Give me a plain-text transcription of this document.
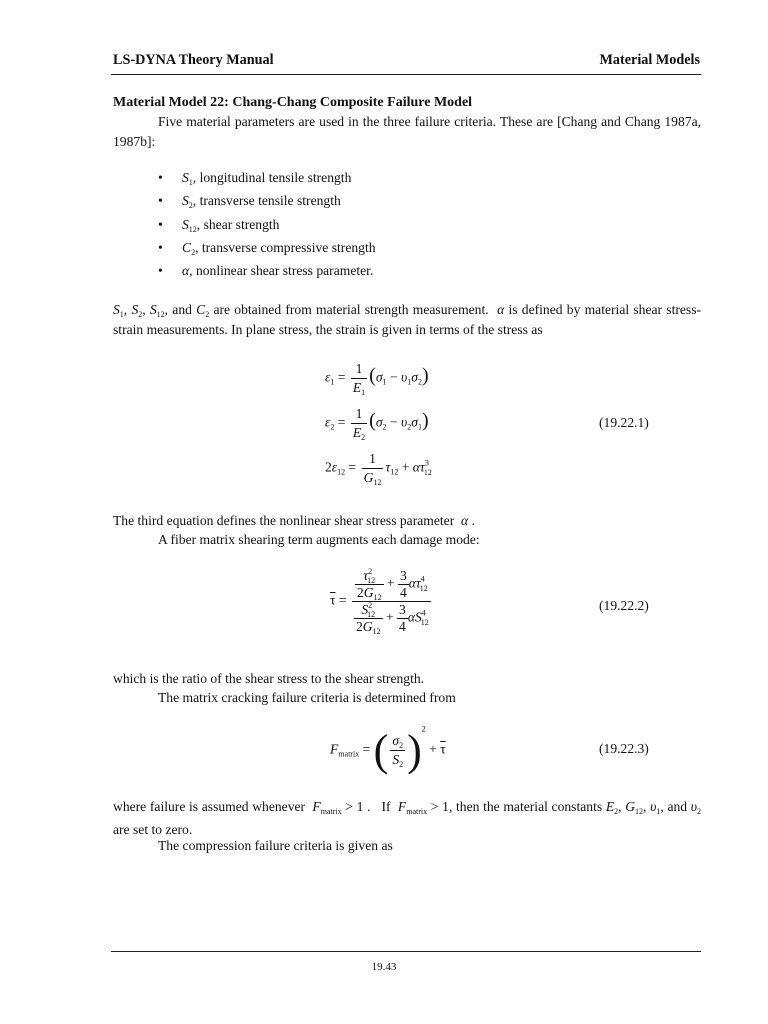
LS-DYNA Theory Manual	Material Models
Material Model 22: Chang-Chang Composite Failure Model
Five material parameters are used in the three failure criteria. These are [Chang and Chang 1987a, 1987b]:
• $S_1$, longitudinal tensile strength
• $S_2$, transverse tensile strength
• $S_{12}$, shear strength
• $C_2$, transverse compressive strength
• α, nonlinear shear stress parameter.
$S_1$, $S_2$, $S_{12}$, and $C_2$ are obtained from material strength measurement. α is defined by material shear stress-strain measurements. In plane stress, the strain is given in terms of the stress as
$\varepsilon_1 = \frac{1}{E_1} (\sigma_1 - \upsilon_1\sigma_2)$
$\varepsilon_2 = \frac{1}{E_2} (\sigma_2 - \upsilon_2\sigma_1)$
$2\varepsilon_{12} = \frac{1}{G_{12}} \tau_{12} + \alpha\tau^3_{12}$
(19.22.1)
The third equation defines the nonlinear shear stress parameter α .
A fiber matrix shearing term augments each damage mode:
$\overline{\tau} = \frac{\frac{\tau^2_{12}}{2G_{12}} + \frac{3}{4} \alpha\tau^4_{12}}{\frac{S^2_{12}}{2G_{12}} + \frac{3}{4} \alpha S^4_{12}}$	(19.22.2)
which is the ratio of the shear stress to the shear strength.
The matrix cracking failure criteria is determined from
$F_{matrix}$ = ( $\frac{\sigma_2}{S_2} )^2 + \overline{\tau}$	(19.22.3)
where failure is assumed whenever $F_{matrix} > 1$ .   If $F_{matrix} > 1$, then the material constants $E_2$, $G_{12}$, $\upsilon_1$, and $\upsilon_2$ are set to zero.
The compression failure criteria is given as
19.43
